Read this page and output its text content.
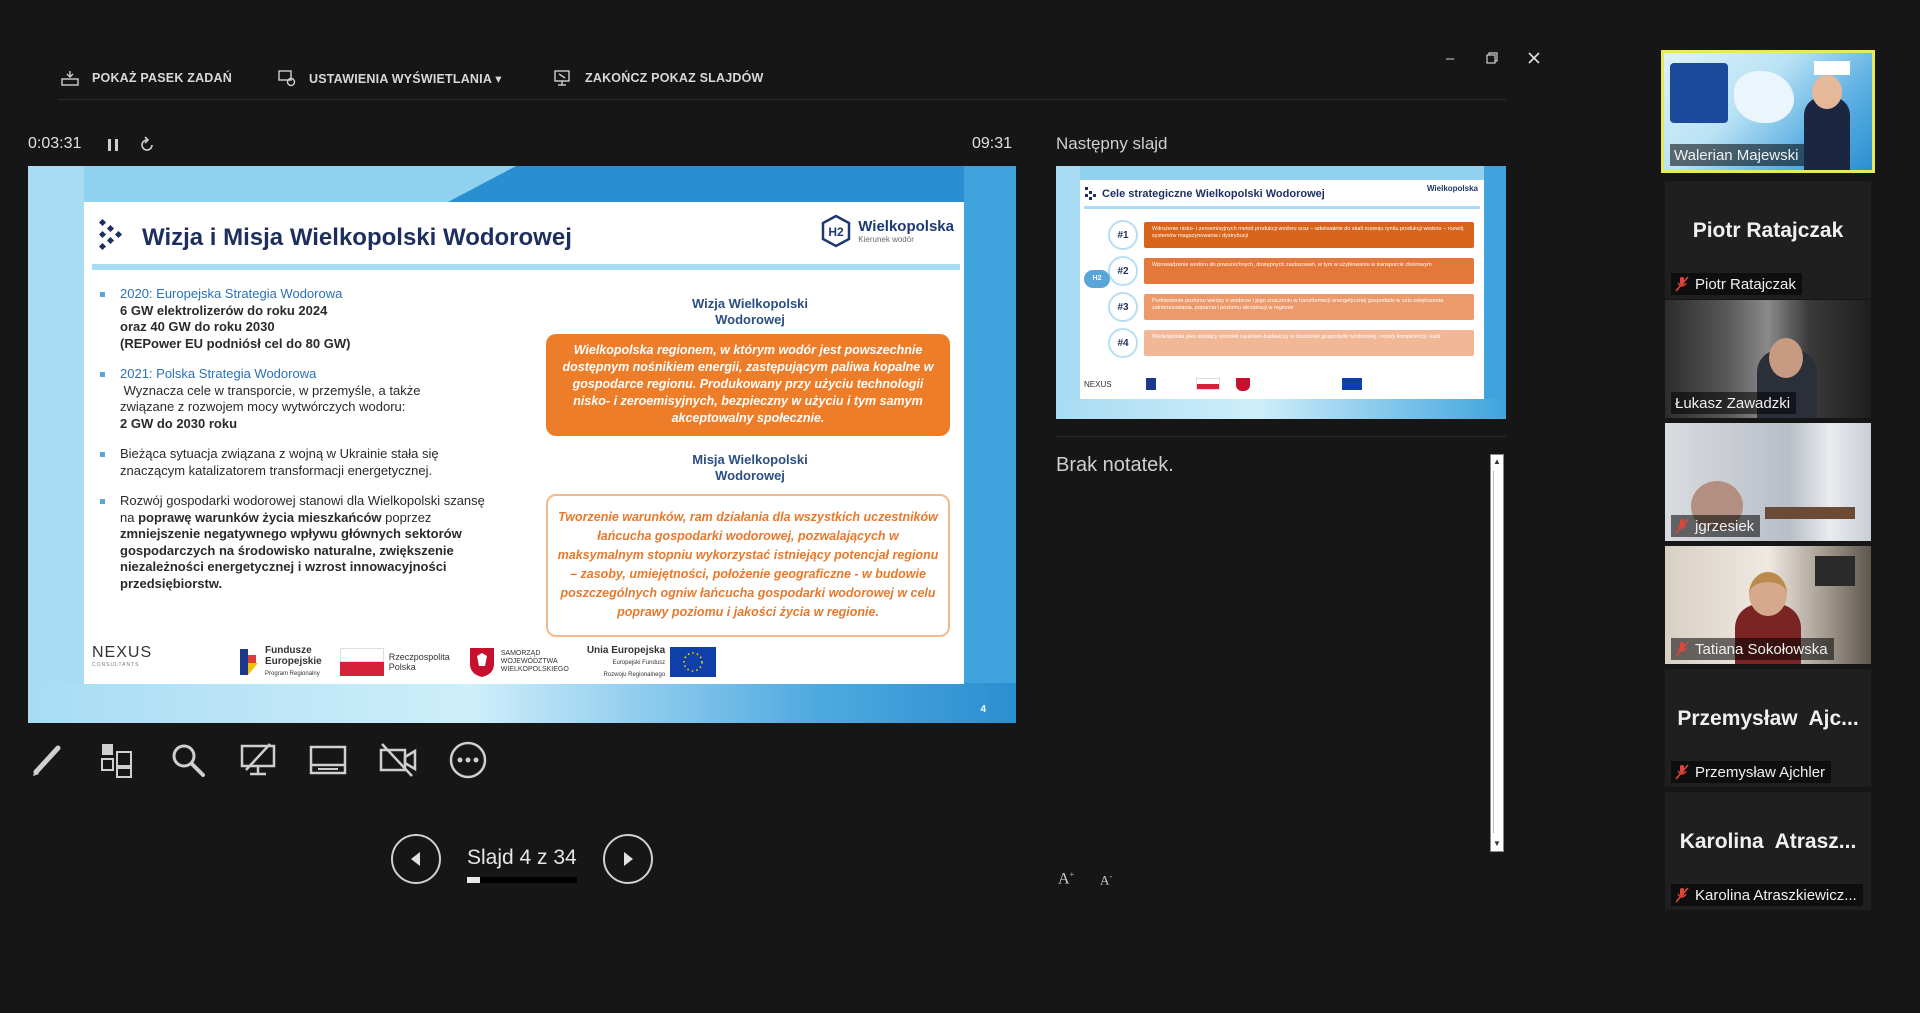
POKAŻ PASEK ZADAŃ	USTAWIENIA WYŚWIETLANIA ▾	ZAKOŃCZ POKAZ SLAJDÓW
–
0:03:31	09:31
4
Wizja i Misja Wielkopolski Wodorowej	H2 Wielkopolska
Kierunek wodór
2020: Europejska Strategia Wodorowa
6 GW elektrolizerów do roku 2024
oraz 40 GW do roku 2030
(REPower EU podniósł cel do 80 GW)
2021: Polska Strategia Wodorowa
Wyznacza cele w transporcie, w przemyśle, a także
związane z rozwojem mocy wytwórczych wodoru:
2 GW do 2030 roku
Bieżąca sytuacja związana z wojną w Ukrainie stała się znaczącym katalizatorem transformacji energetycznej.
Rozwój gospodarki wodorowej stanowi dla Wielkopolski szansę na poprawę warunków życia mieszkańców poprzez zmniejszenie negatywnego wpływu głównych sektorów gospodarczych na środowisko naturalne, zwiększenie niezależności energetycznej i wzrost innowacyjności przedsiębiorstw.
Wizja Wielkopolski
Wodorowej
Wielkopolska regionem, w którym wodór jest powszechnie dostępnym nośnikiem energii, zastępującym paliwa kopalne w gospodarce regionu. Produkowany przy użyciu technologii nisko- i zeroemisyjnych, bezpieczny w użyciu i tym samym akceptowalny społecznie.
Misja Wielkopolski
Wodorowej
Tworzenie warunków, ram działania dla wszystkich uczestników łańcucha gospodarki wodorowej, pozwalających w maksymalnym stopniu wykorzystać istniejący potencjał regionu – zasoby, umiejętności, położenie geograficzne - w budowie poszczególnych ogniw łańcucha gospodarki wodorowej w celu poprawy poziomu i jakości życia w regionie.
NEXUS
CONSULTANTS
Fundusze
Europejskie
Program Regionalny
Rzeczpospolita
Polska
SAMORZĄD
WOJEWÓDZTWA
WIELKOPOLSKIEGO
Unia Europejska
Europejski Fundusz
Rozwoju Regionalnego
Slajd 4 z 34
Następny slajd
Cele strategiczne Wielkopolski Wodorowej	Wielkopolska
#1
Wdrożenie nisko- i zeroemisyjnych metod produkcji wodoru oraz – adekwatnie do skali rozwoju rynku produkcji wodoru – rozwój systemów magazynowania i dystrybucji
#2
Wprowadzenie wodoru do powszechnych, dostępnych zastosowań, w tym w użytkowaniu w transporcie zbiorowym
#3
Podniesienie poziomu wiedzy o wodorze i jego znaczeniu w transformacji energetycznej gospodarki w celu zwiększenia zainteresowania, poparcia i poziomu akceptacji w regionie
#4
Wielkopolska jako wiodący ośrodek naukowo-badawczy w dziedzinie gospodarki wodorowej, rozwój kompetencji i kadr
H2
NEXUS
Brak notatek.	▲
▼
A+ A-
Walerian Majewski
Piotr Ratajczak
Piotr Ratajczak
Łukasz Zawadzki
jgrzesiek
Tatiana Sokołowska
Przemysław  Ajc...
Przemysław Ajchler
Karolina  Atrasz...
Karolina Atraszkiewicz...
